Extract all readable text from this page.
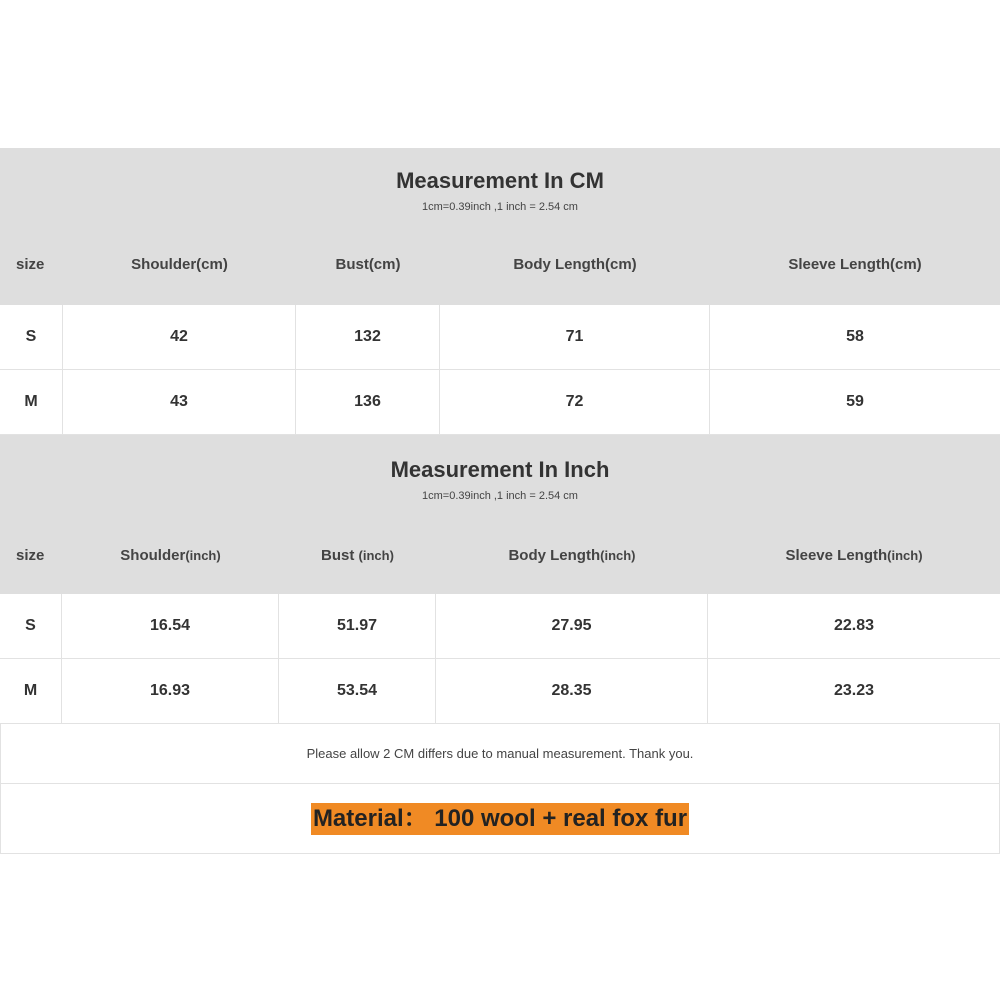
Measurement In CM
1cm=0.39inch ,1 inch = 2.54 cm
size	Shoulder(cm)	Bust(cm)	Body Length(cm)	Sleeve Length(cm)
S	42	132	71	58
M	43	136	72	59
Measurement In Inch
1cm=0.39inch ,1 inch = 2.54 cm
size	Shoulder (inch)	Bust (inch)	Body Length (inch)	Sleeve Length (inch)
S	16.54	51.97	27.95	22.83
M	16.93	53.54	28.35	23.23
Please allow 2 CM differs due to manual measurement. Thank you.
Material： 100 wool + real fox fur
